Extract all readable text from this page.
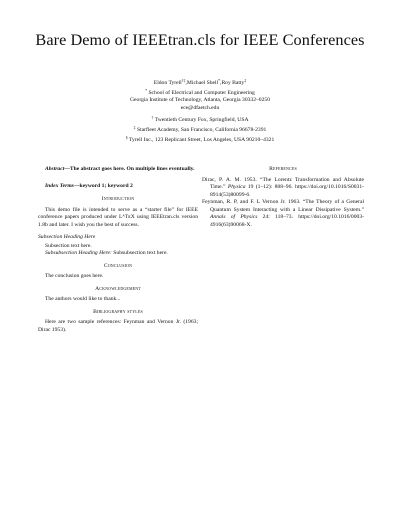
Bare Demo of IEEEtran.cls for IEEE Conferences
Eldon Tyrell†‡,Michael Shell*,Roy Batty‡
* School of Electrical and Computer Engineering
Georgia Institute of Technology, Atlanta, Georgia 30332–0250
ece@dfaetch.edu
† Twentieth Century Fox, Springfield, USA
‡ Starfleet Academy, San Francisco, California 96678-2391
§ Tyrell Inc., 123 Replicant Street, Los Angeles, USA 90210–4321

Abstract—The abstract goes here. On multiple lines eventually.

Index Terms—keyword 1; keyword 2

Introduction

This demo file is intended to serve as a “starter file” for IEEE conference papers produced under LᴬTᴇX using IEEEtran.cls version 1.8b and later. I wish you the best of success.

Subsection Heading Here

Subsection text here.

Subsubsection Heading Here: Subsubsection text here.

Conclusion

The conclusion goes here.

Acknowledgement

The authors would like to thank...

Bibliography styles

Here are two sample references: Feynman and Vernon Jr. (1963; Dirac 1953).

References
Dirac, P. A. M. 1953. “The Lorentz Transformation and Absolute Time.” Physica 19 (1–12): 888–96. https://doi.org/10.1016/S0031-8914(53)80099-6.
Feynman, R. P, and F. L Vernon Jr. 1963. “The Theory of a General Quantum System Interacting with a Linear Dissipative System.” Annals of Physics 24: 118–73. https://doi.org/10.1016/0003-4916(63)90068-X.
